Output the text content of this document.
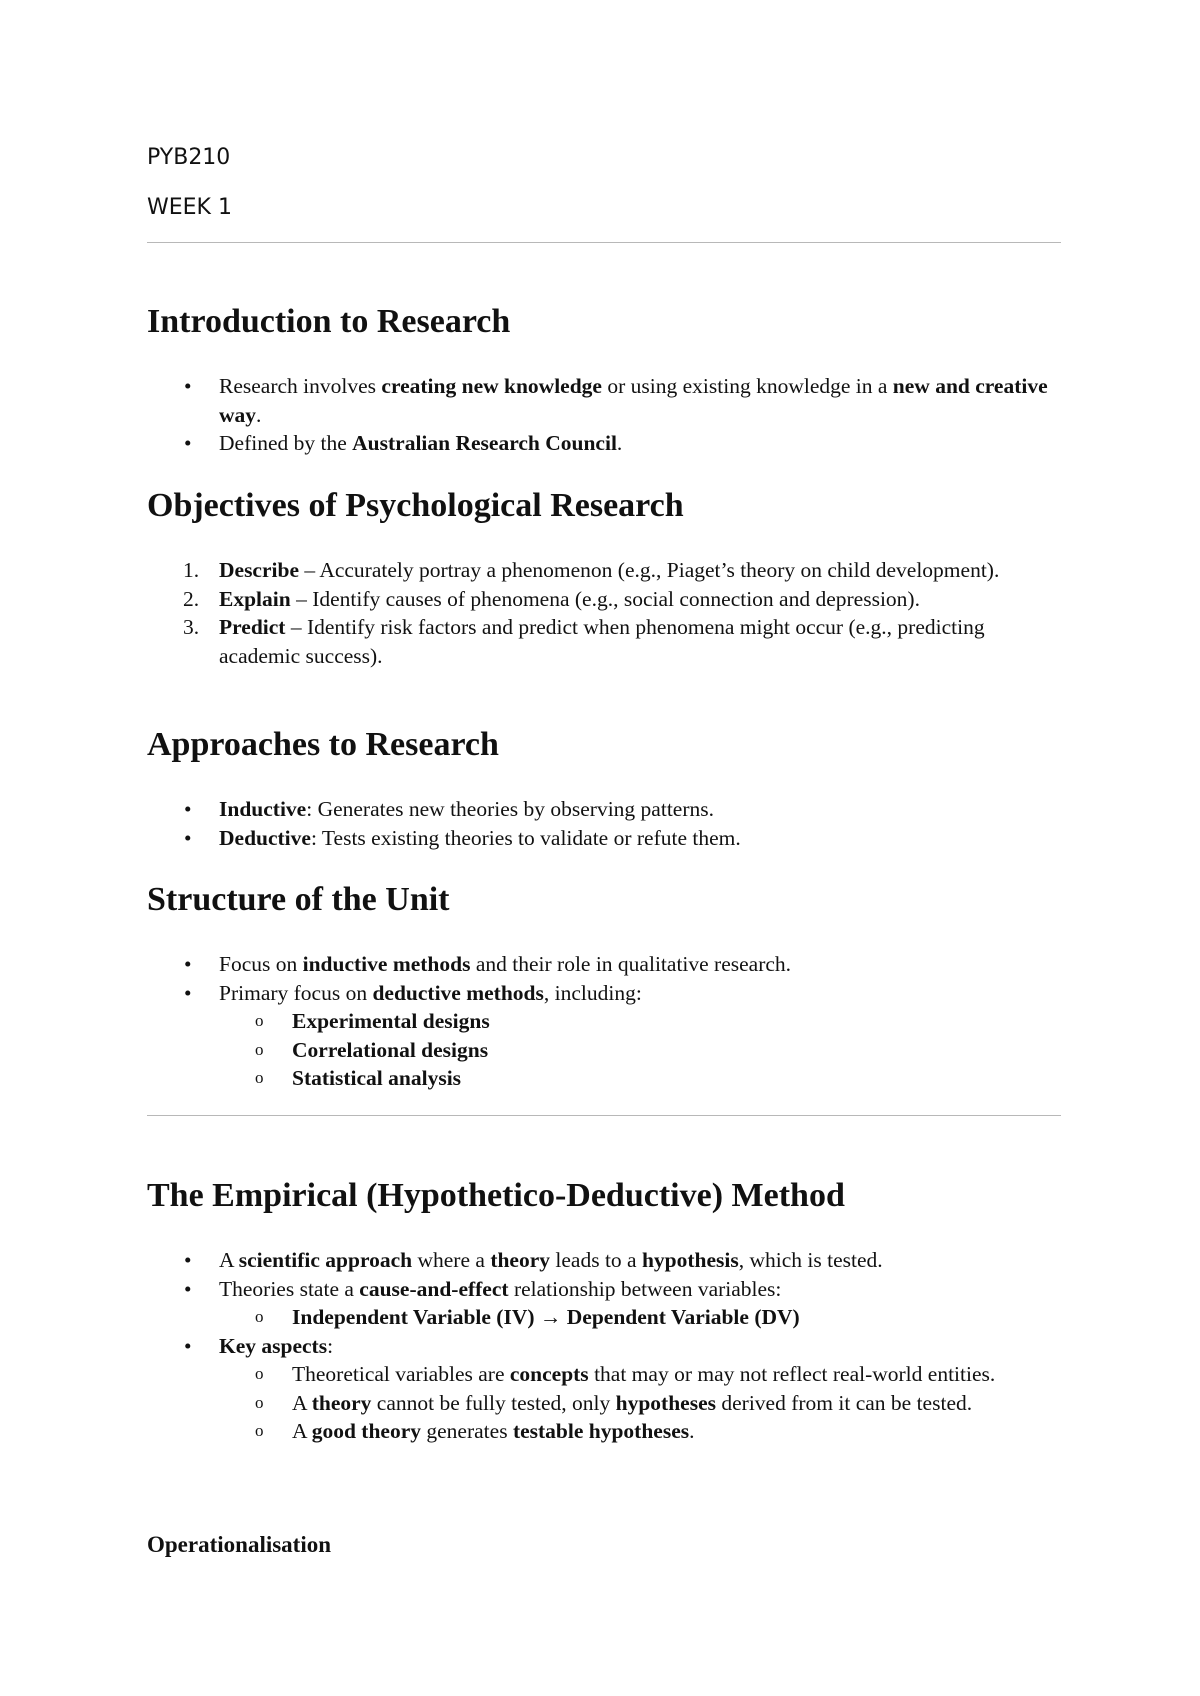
PYB210

WEEK 1

Introduction to Research
• Research involves creating new knowledge or using existing knowledge in a new and creative way.
• Defined by the Australian Research Council.
Objectives of Psychological Research
1. Describe – Accurately portray a phenomenon (e.g., Piaget’s theory on child development).
2. Explain – Identify causes of phenomena (e.g., social connection and depression).
3. Predict – Identify risk factors and predict when phenomena might occur (e.g., predicting academic success).
Approaches to Research
• Inductive: Generates new theories by observing patterns.
• Deductive: Tests existing theories to validate or refute them.
Structure of the Unit
• Focus on inductive methods and their role in qualitative research.
• Primary focus on deductive methods, including:
o Experimental designs
o Correlational designs
o Statistical analysis
The Empirical (Hypothetico-Deductive) Method
• A scientific approach where a theory leads to a hypothesis, which is tested.
• Theories state a cause-and-effect relationship between variables:
o Independent Variable (IV) → Dependent Variable (DV)
• Key aspects:
o Theoretical variables are concepts that may or may not reflect real-world entities.
o A theory cannot be fully tested, only hypotheses derived from it can be tested.
o A good theory generates testable hypotheses.
Operationalisation
